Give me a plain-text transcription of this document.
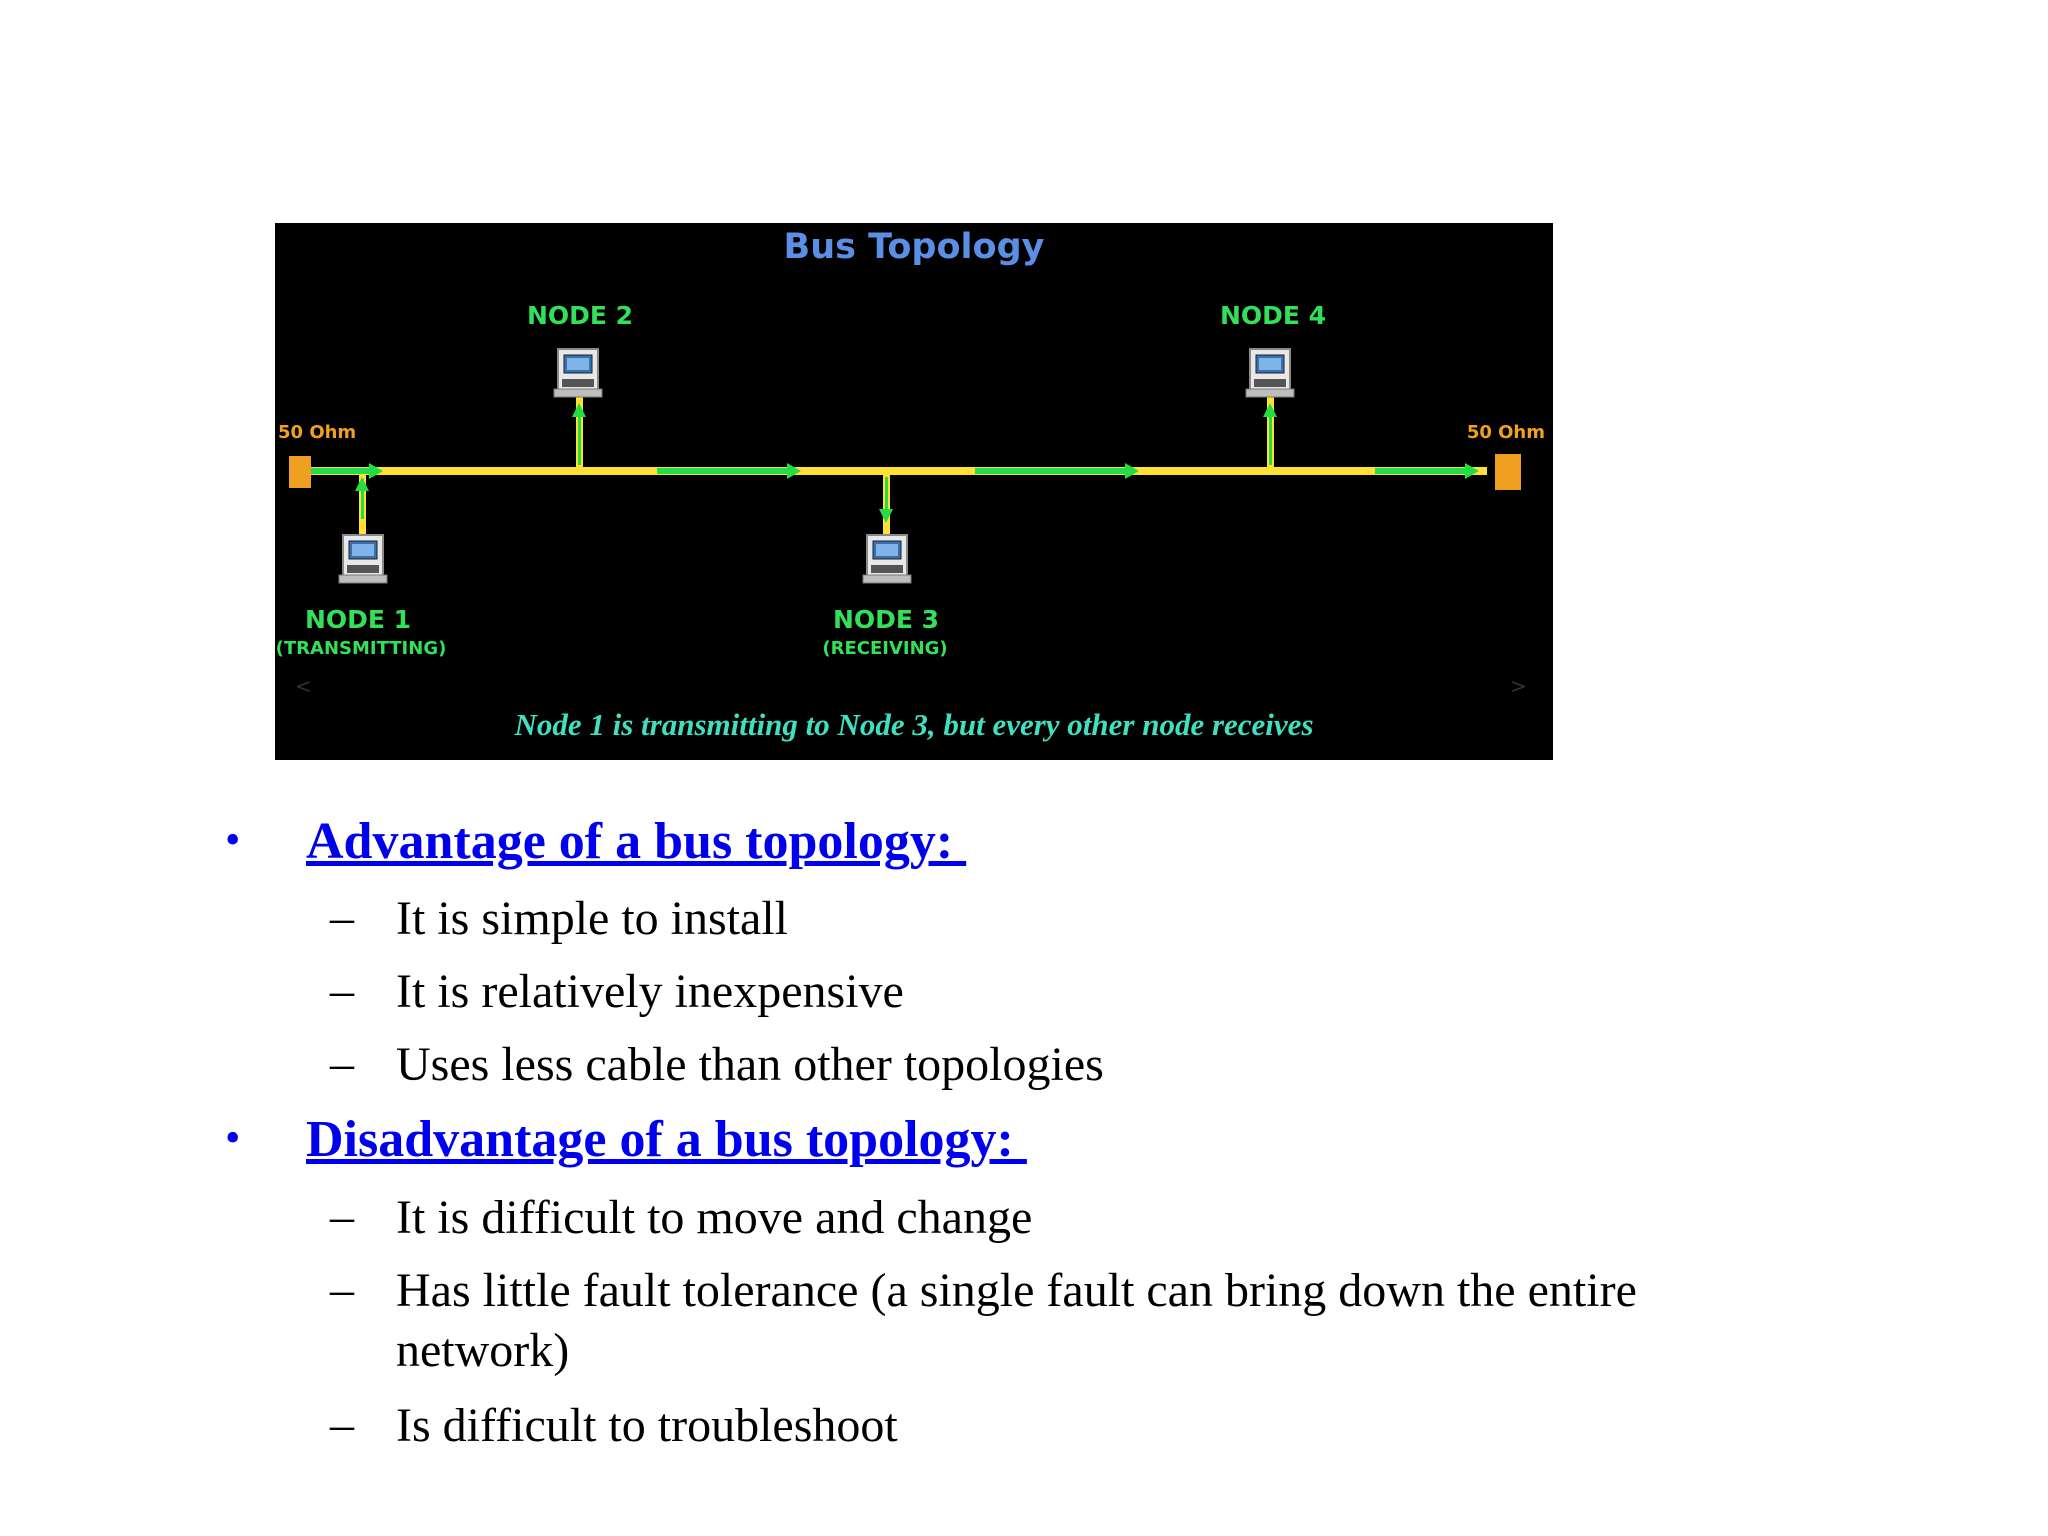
Bus Topology
50 Ohm	50 Ohm
NODE 2	NODE 4
NODE 1
(TRANSMITTING)
NODE 3
(RECEIVING)
<	>
Node 1 is transmitting to Node 3, but every other node receives
• Advantage of a bus topology:
– It is simple to install
– It is relatively inexpensive
– Uses less cable than other topologies
• Disadvantage of a bus topology:
– It is difficult to move and change
– Has little fault tolerance (a single fault can bring down the entire
network)
– Is difficult to troubleshoot
